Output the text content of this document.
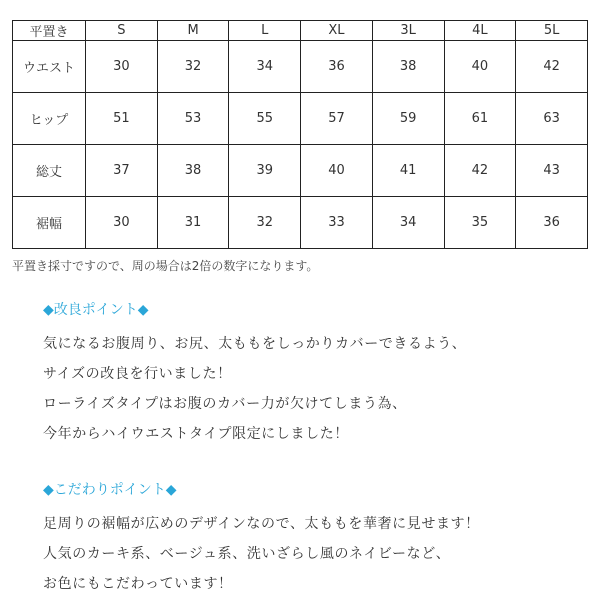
平置き	S	M	L	XL	3L	4L	5L
ウエスト	30	32	34	36	38	40	42
ヒップ	51	53	55	57	59	61	63
総丈	37	38	39	40	41	42	43
裾幅	30	31	32	33	34	35	36
平置き採寸ですので、周の場合は2倍の数字になります。
◆改良ポイント◆
気になるお腹周り、お尻、太ももをしっかりカバーできるよう、
サイズの改良を行いました！
ローライズタイプはお腹のカバー力が欠けてしまう為、
今年からハイウエストタイプ限定にしました！
◆こだわりポイント◆
足周りの裾幅が広めのデザインなので、太ももを華奢に見せます！
人気のカーキ系、ベージュ系、洗いざらし風のネイビーなど、
お色にもこだわっています！
